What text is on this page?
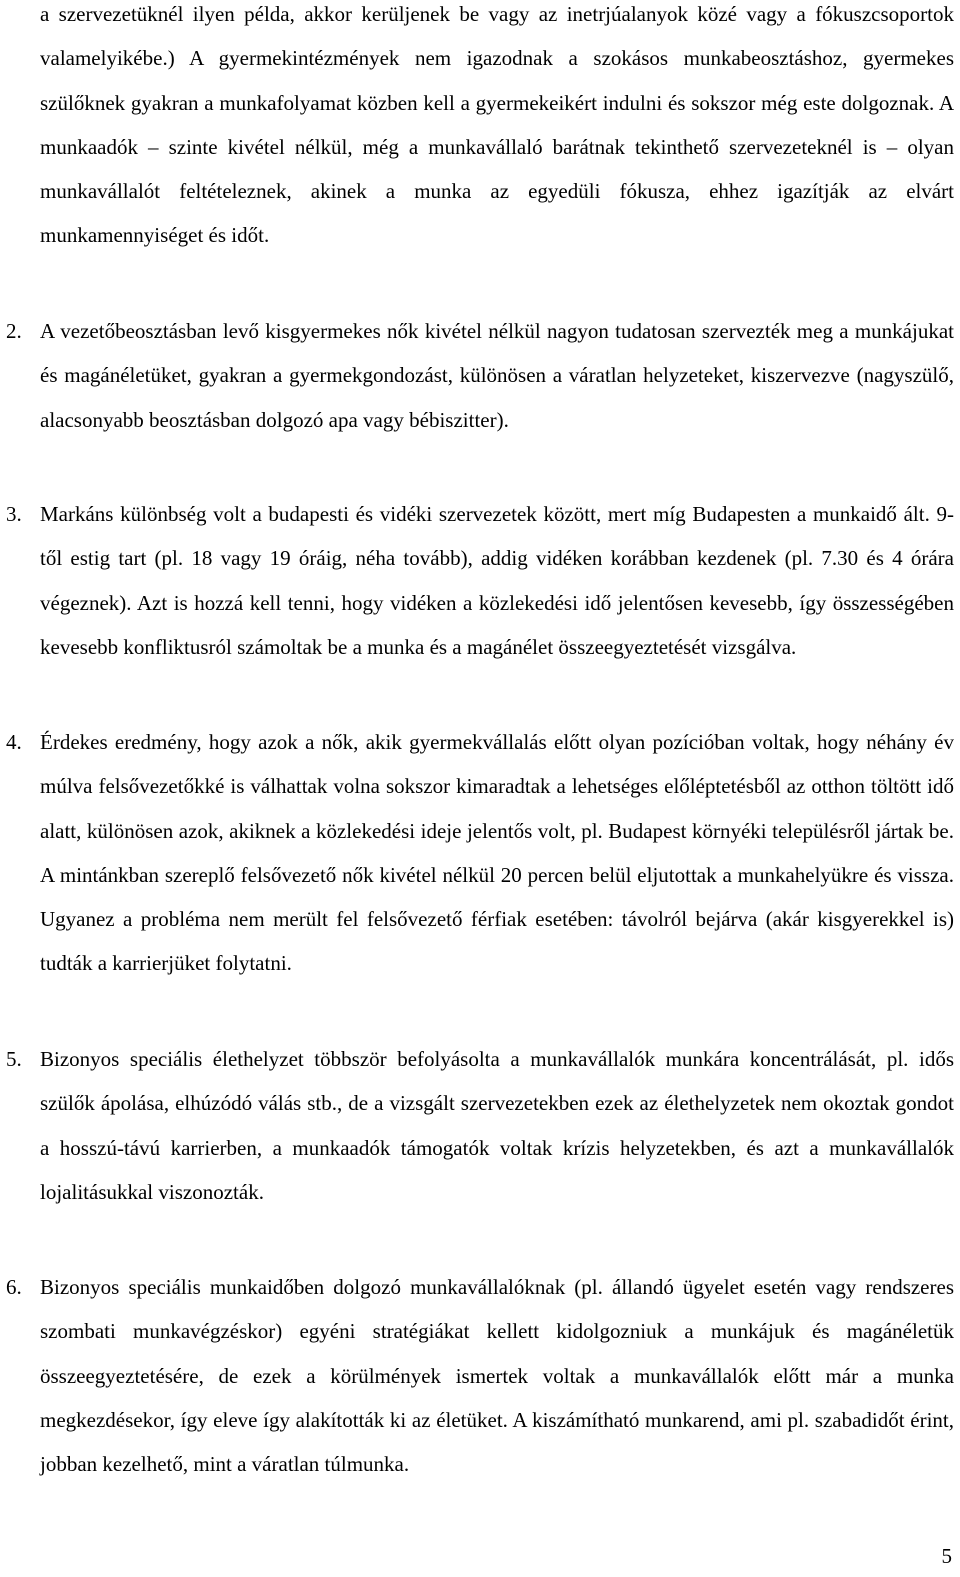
a szervezetüknél ilyen példa, akkor kerüljenek be vagy az inetrjúalanyok közé vagy a fókuszcsoportok valamelyikébe.) A gyermekintézmények nem igazodnak a szokásos munkabeosztáshoz, gyermekes szülőknek gyakran a munkafolyamat közben kell a gyermekeikért indulni és sokszor még este dolgoznak. A munkaadók – szinte kivétel nélkül, még a munkavállaló barátnak tekinthető szervezeteknél is – olyan munkavállalót feltételeznek, akinek a munka az egyedüli fókusza, ehhez igazítják az elvárt munkamennyiséget és időt.

2. A vezetőbeosztásban levő kisgyermekes nők kivétel nélkül nagyon tudatosan szervezték meg a munkájukat és magánéletüket, gyakran a gyermekgondozást, különösen a váratlan helyzeteket, kiszervezve (nagyszülő, alacsonyabb beosztásban dolgozó apa vagy bébiszitter).

3. Markáns különbség volt a budapesti és vidéki szervezetek között, mert míg Budapesten a munkaidő ált. 9-től estig tart (pl. 18 vagy 19 óráig, néha tovább), addig vidéken korábban kezdenek (pl. 7.30 és 4 órára végeznek). Azt is hozzá kell tenni, hogy vidéken a közlekedési idő jelentősen kevesebb, így összességében kevesebb konfliktusról számoltak be a munka és a magánélet összeegyeztetését vizsgálva.

4. Érdekes eredmény, hogy azok a nők, akik gyermekvállalás előtt olyan pozícióban voltak, hogy néhány év múlva felsővezetőkké is válhattak volna sokszor kimaradtak a lehetséges előléptetésből az otthon töltött idő alatt, különösen azok, akiknek a közlekedési ideje jelentős volt, pl. Budapest környéki településről jártak be. A mintánkban szereplő felsővezető nők kivétel nélkül 20 percen belül eljutottak a munkahelyükre és vissza. Ugyanez a probléma nem merült fel felsővezető férfiak esetében: távolról bejárva (akár kisgyerekkel is) tudták a karrierjüket folytatni.

5. Bizonyos speciális élethelyzet többször befolyásolta a munkavállalók munkára koncentrálását, pl. idős szülők ápolása, elhúzódó válás stb., de a vizsgált szervezetekben ezek az élethelyzetek nem okoztak gondot a hosszú-távú karrierben, a munkaadók támogatók voltak krízis helyzetekben, és azt a munkavállalók lojalitásukkal viszonozták.

6. Bizonyos speciális munkaidőben dolgozó munkavállalóknak (pl. állandó ügyelet esetén vagy rendszeres szombati munkavégzéskor) egyéni stratégiákat kellett kidolgozniuk a munkájuk és magánéletük összeegyeztetésére, de ezek a körülmények ismertek voltak a munkavállalók előtt már a munka megkezdésekor, így eleve így alakították ki az életüket. A kiszámítható munkarend, ami pl. szabadidőt érint, jobban kezelhető, mint a váratlan túlmunka.

5
